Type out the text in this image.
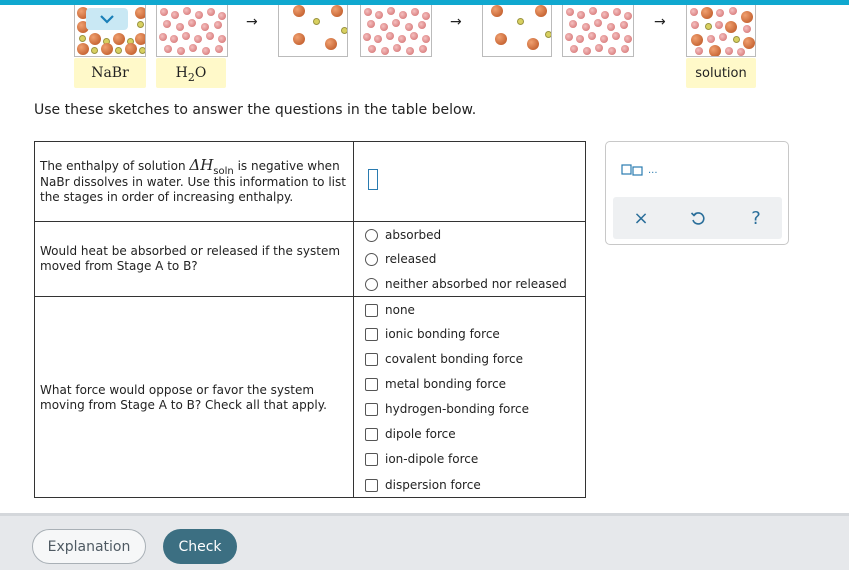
→	→	→
NaBr	H 2 O	solution
Use these sketches to answer the questions in the table below.
The enthalpy of solution $\Delta H_{soln}$ is negative when NaBr dissolves in water. Use this information to list the stages in order of increasing enthalpy.
Would heat be absorbed or released if the system moved from Stage A to B?
absorbed
released
neither absorbed nor released
What force would oppose or favor the system moving from Stage A to B? Check all that apply.
none
ionic bonding force
covalent bonding force
metal bonding force
hydrogen-bonding force
dipole force
ion-dipole force
dispersion force
...
×	?
Explanation	Check
